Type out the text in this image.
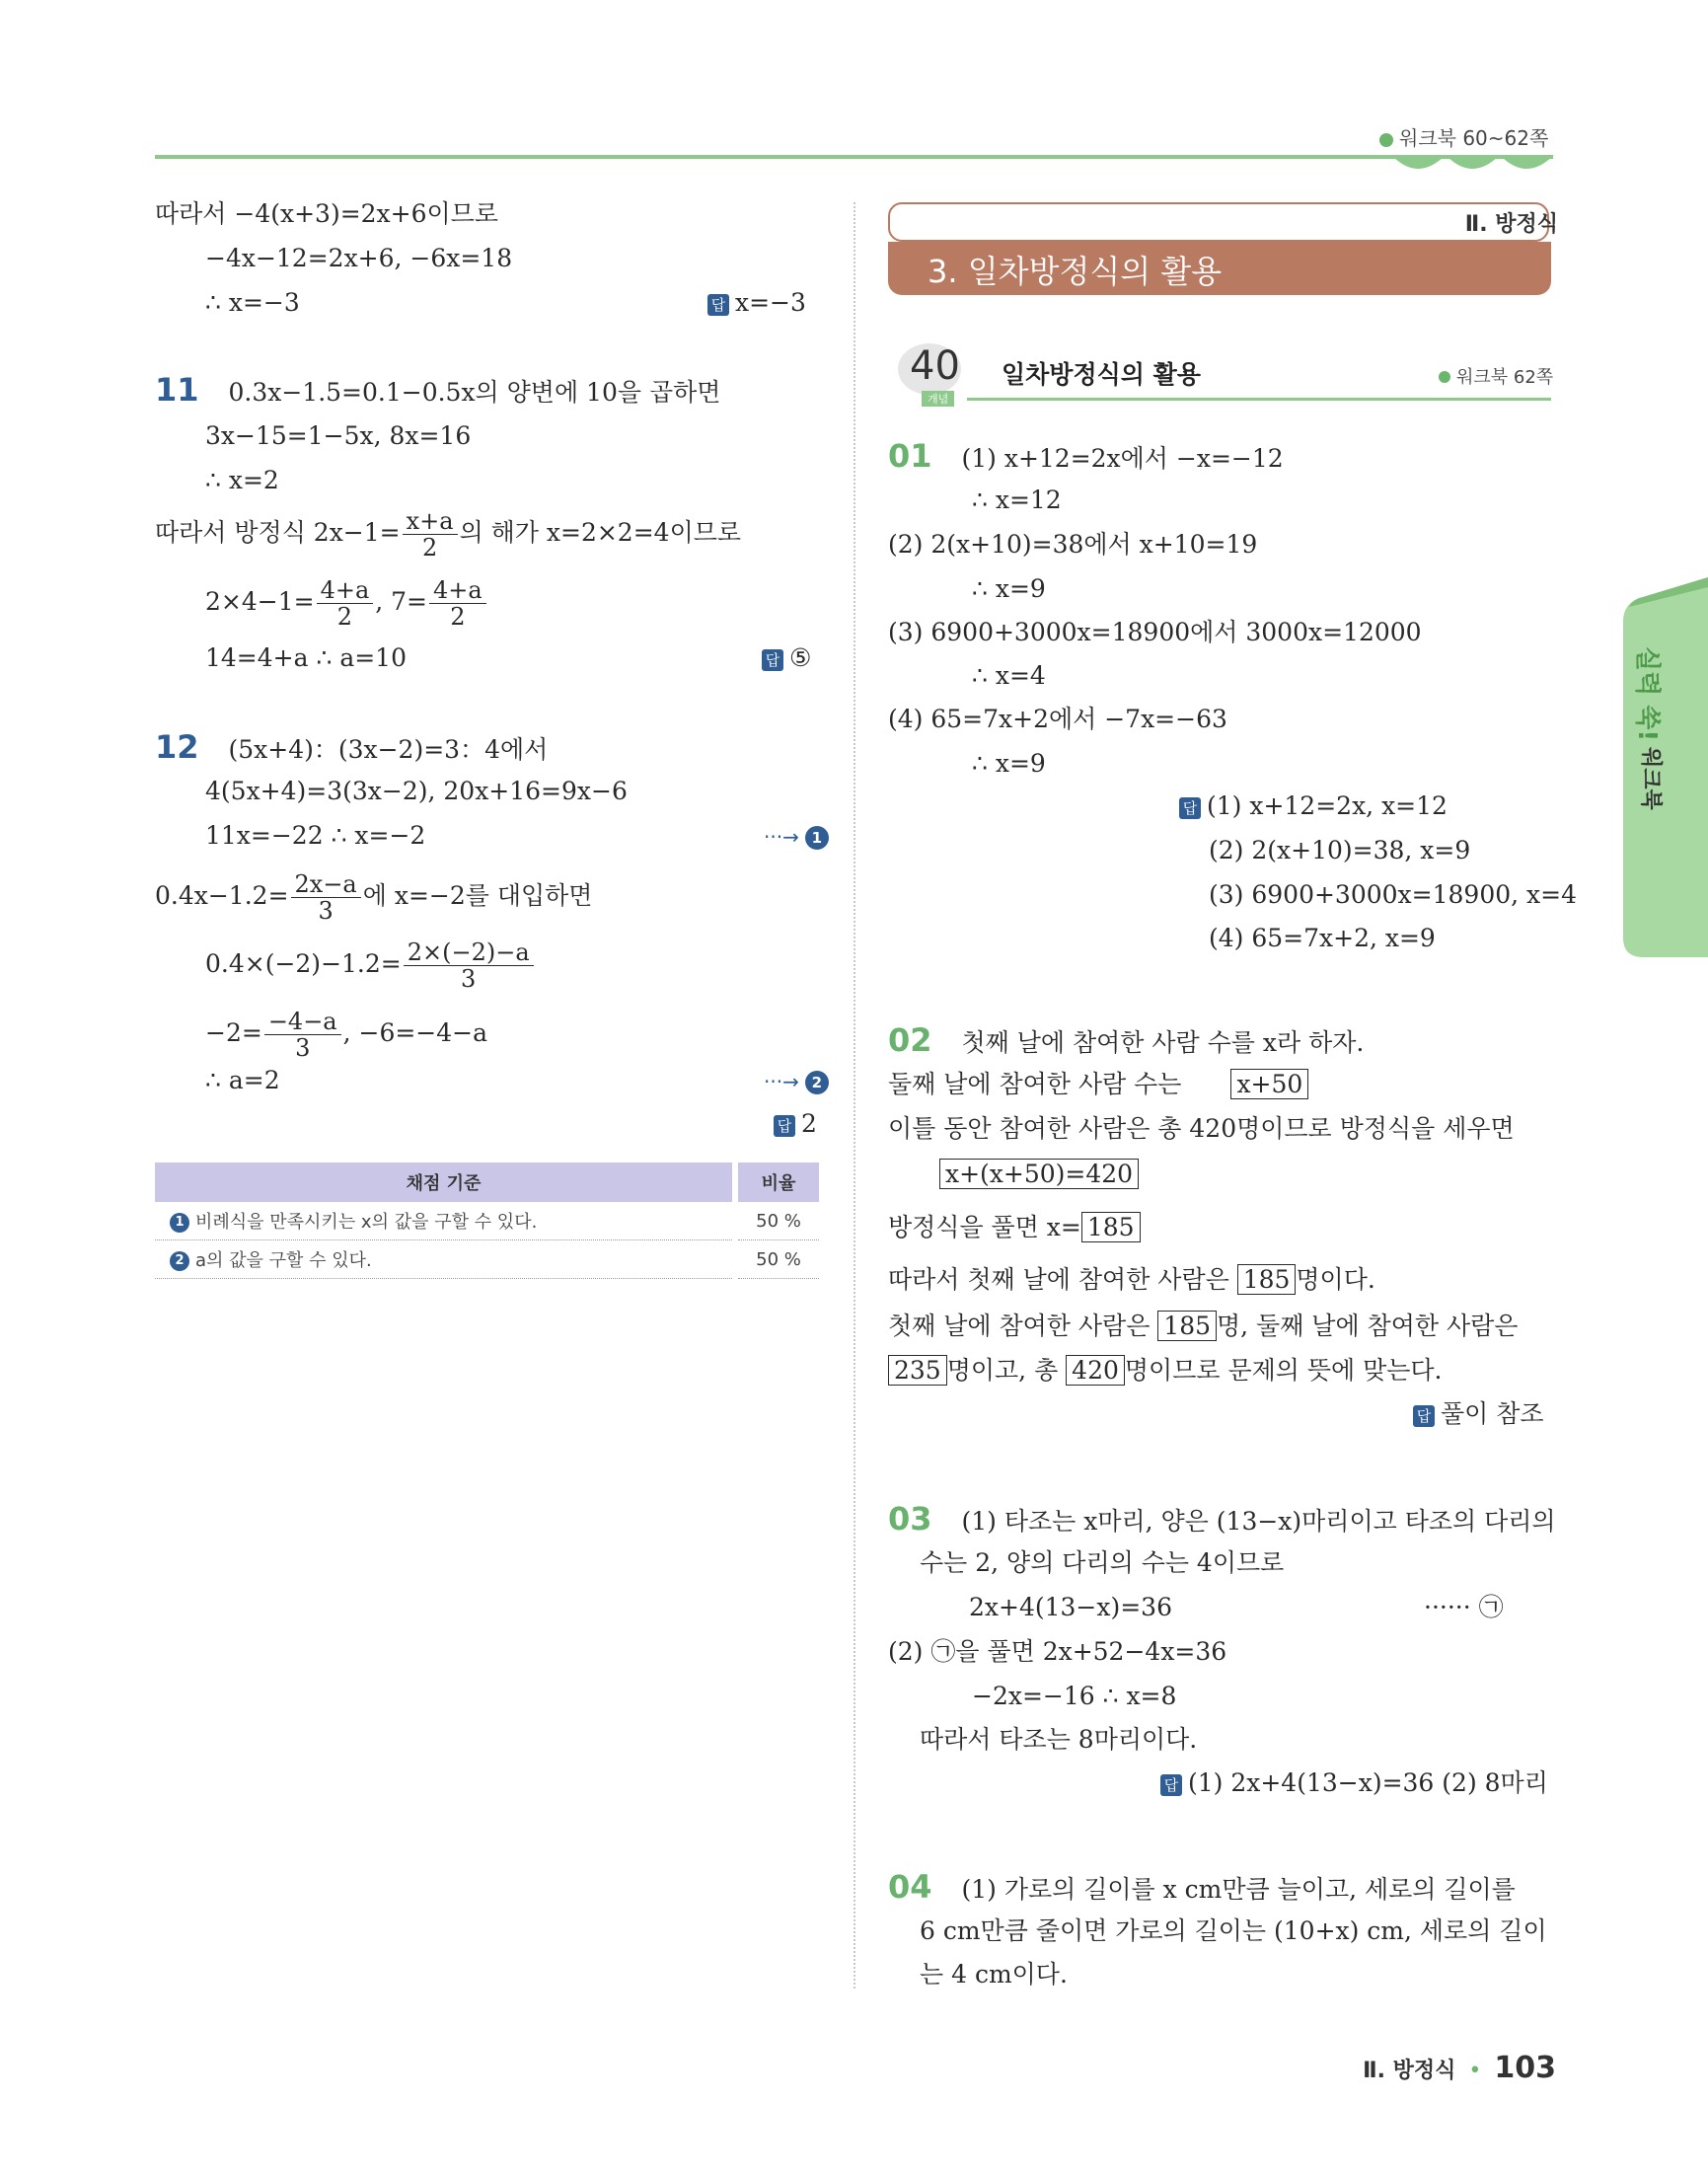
워크북 60~62쪽
따라서 −4(x+3)=2x+6이므로
−4x−12=2x+6, −6x=18
∴ x=−3	답 x=−3
11 0.3x−1.5=0.1−0.5x의 양변에 10을 곱하면
3x−15=1−5x, 8x=16
∴ x=2
따라서 방정식 $2x-1= \frac{x+a}{2}$ 의 해가 x=2×2=4이므로
$2\times 4-1= \frac{4+a}{2}$ , $7= \frac{4+a}{2}$
14=4+a ∴ a=10	답 ⑤
12 (5x+4)：(3x−2)=3：4에서
4(5x+4)=3(3x−2), 20x+16=9x−6
11x=−22 ∴ x=−2	···→ 1
$0.4x-1.2= \frac{2x-a}{3}$ 에 x=−2를 대입하면
$0.4\times(-2)-1.2= \frac{2\times(-2)-a}{3}$
$-2= \frac{-4-a}{3}$ , −6=−4−a
∴ a=2	···→ 2
답 2
채점 기준	비율
1 비례식을 만족시키는 x의 값을 구할 수 있다.	50 %
2 a의 값을 구할 수 있다.	50 %
Ⅱ. 방정식
3. 일차방정식의 활용
40
개념
일차방정식의 활용	워크북 62쪽
01 (1) x+12=2x에서 −x=−12
∴ x=12
(2) 2(x+10)=38에서 x+10=19
∴ x=9
(3) 6900+3000x=18900에서 3000x=12000
∴ x=4
(4) 65=7x+2에서 −7x=−63
∴ x=9
답 (1) x+12=2x, x=12
(2) 2(x+10)=38, x=9
(3) 6900+3000x=18900, x=4
(4) 65=7x+2, x=9
02 첫째 날에 참여한 사람 수를 x라 하자.
둘째 날에 참여한 사람 수는 x+50
이틀 동안 참여한 사람은 총 420명이므로 방정식을 세우면
x+(x+50)=420
방정식을 풀면 x= 185
따라서 첫째 날에 참여한 사람은 185 명이다.
첫째 날에 참여한 사람은 185 명, 둘째 날에 참여한 사람은
235 명이고, 총 420 명이므로 문제의 뜻에 맞는다.
답 풀이 참조
03 (1) 타조는 x마리, 양은 (13−x)마리이고 타조의 다리의
수는 2, 양의 다리의 수는 4이므로
2x+4(13−x)=36	······ ㉠
(2) ㉠을 풀면 2x+52−4x=36
−2x=−16 ∴ x=8
따라서 타조는 8마리이다.
답 (1) 2x+4(13−x)=36 (2) 8마리
04 (1) 가로의 길이를 x cm만큼 늘이고, 세로의 길이를
6 cm만큼 줄이면 가로의 길이는 (10+x) cm, 세로의 길이
는 4 cm이다.
실력 쑥!
워크북
Ⅱ. 방정식 • 103
